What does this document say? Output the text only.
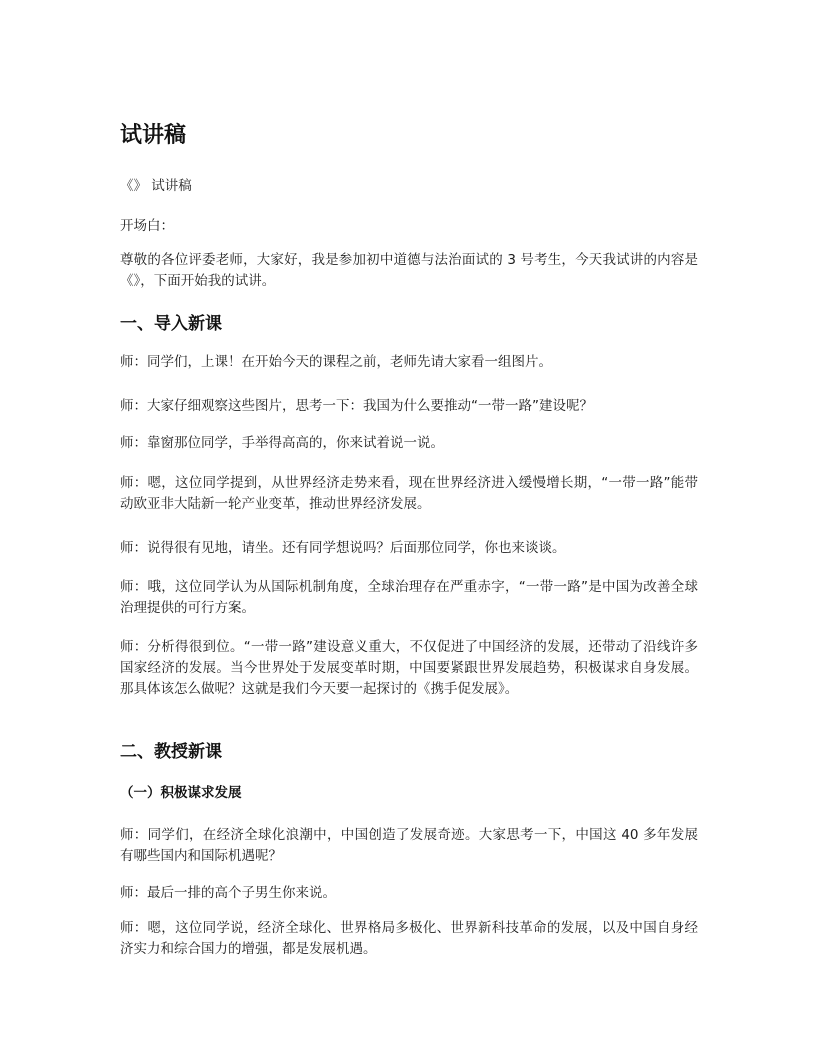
试讲稿

《》 试讲稿

开场白：

尊敬的各位评委老师，大家好，我是参加初中道德与法治面试的 3 号考生，今天我试讲的内容是《》，下面开始我的试讲。

一、导入新课

师：同学们，上课！在开始今天的课程之前，老师先请大家看一组图片。

师：大家仔细观察这些图片，思考一下：我国为什么要推动“一带一路”建设呢？

师：靠窗那位同学，手举得高高的，你来试着说一说。

师：嗯，这位同学提到，从世界经济走势来看，现在世界经济进入缓慢增长期，“一带一路”能带动欧亚非大陆新一轮产业变革，推动世界经济发展。

师：说得很有见地，请坐。还有同学想说吗？后面那位同学，你也来谈谈。

师：哦，这位同学认为从国际机制角度，全球治理存在严重赤字，“一带一路”是中国为改善全球治理提供的可行方案。

师：分析得很到位。“一带一路”建设意义重大，不仅促进了中国经济的发展，还带动了沿线许多国家经济的发展。当今世界处于发展变革时期，中国要紧跟世界发展趋势，积极谋求自身发展。那具体该怎么做呢？这就是我们今天要一起探讨的《携手促发展》。

二、教授新课
（一）积极谋求发展

师：同学们，在经济全球化浪潮中，中国创造了发展奇迹。大家思考一下，中国这 40 多年发展有哪些国内和国际机遇呢？

师：最后一排的高个子男生你来说。

师：嗯，这位同学说，经济全球化、世界格局多极化、世界新科技革命的发展，以及中国自身经济实力和综合国力的增强，都是发展机遇。
